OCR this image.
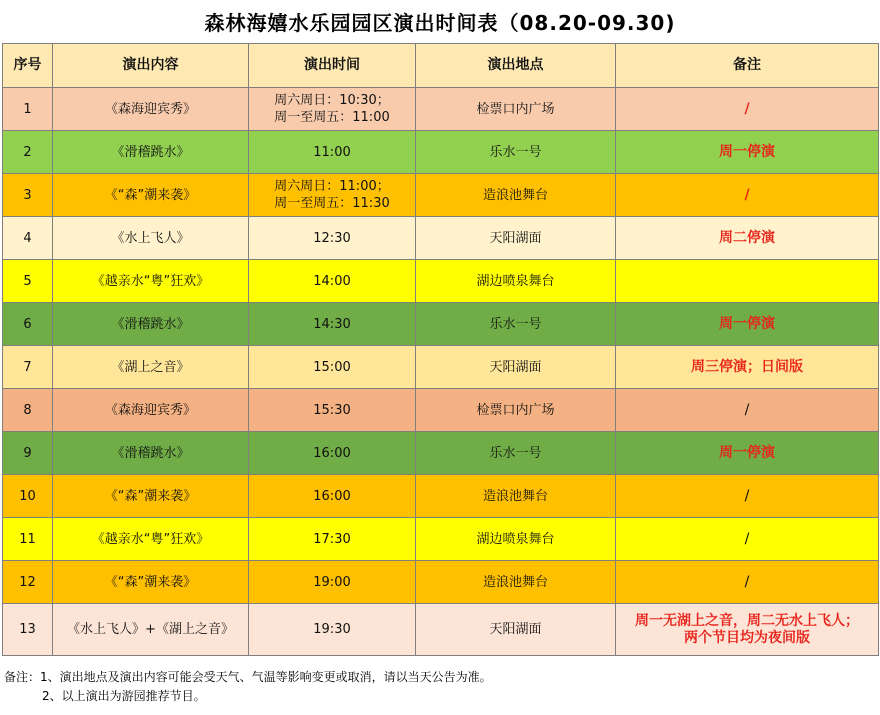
森林海嬉水乐园园区演出时间表（08.20-09.30)
序号	演出内容	演出时间	演出地点	备注

1	《森海迎宾秀》	周六周日：10:30；
周一至周五：11:00	检票口内广场	/

2	《滑稽跳水》	11:00	乐水一号	周一停演

3	《“森”潮来袭》	周六周日：11:00；
周一至周五：11:30	造浪池舞台	/

4	《水上飞人》	12:30	天阳湖面	周二停演

5	《越亲水“粤”狂欢》	14:00	湖边喷泉舞台	

6	《滑稽跳水》	14:30	乐水一号	周一停演

7	《湖上之音》	15:00	天阳湖面	周三停演；日间版

8	《森海迎宾秀》	15:30	检票口内广场	/

9	《滑稽跳水》	16:00	乐水一号	周一停演

10	《“森”潮来袭》	16:00	造浪池舞台	/

11	《越亲水“粤”狂欢》	17:30	湖边喷泉舞台	/

12	《“森”潮来袭》	19:00	造浪池舞台	/

13	《水上飞人》+《湖上之音》	19:30	天阳湖面	周一无湖上之音，周二无水上飞人；
两个节目均为夜间版
备注：1、演出地点及演出内容可能会受天气、气温等影响变更或取消，请以当天公告为准。
2、以上演出为游园推荐节目。
